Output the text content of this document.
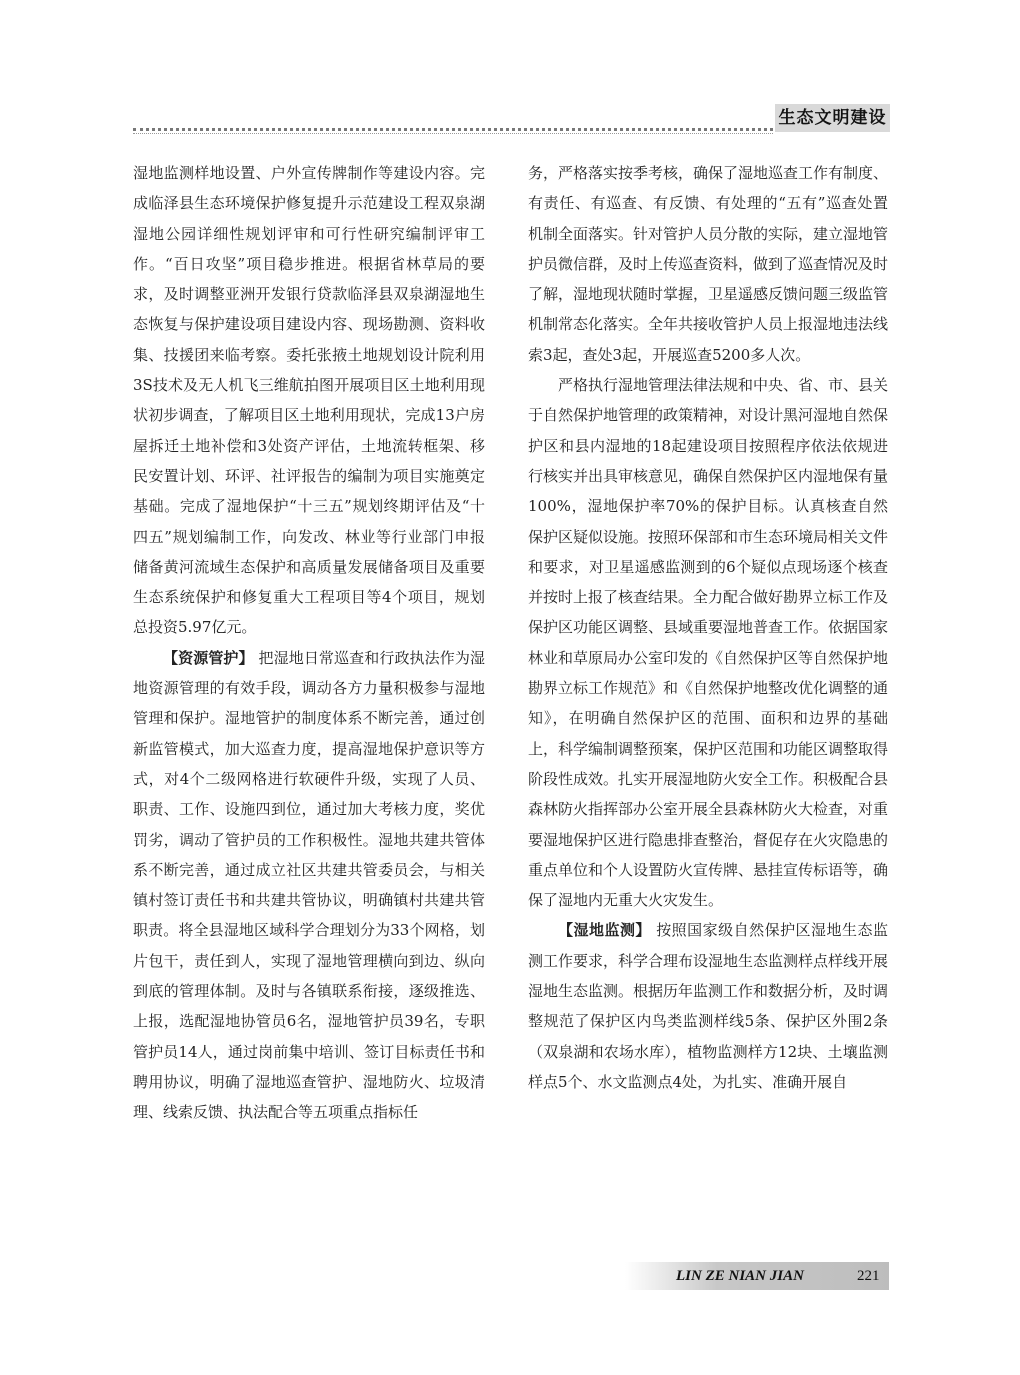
生态文明建设

湿地监测样地设置、户外宣传牌制作等建设内容。完成临泽县生态环境保护修复提升示范建设工程双泉湖湿地公园详细性规划评审和可行性研究编制评审工作。“百日攻坚”项目稳步推进。根据省林草局的要求，及时调整亚洲开发银行贷款临泽县双泉湖湿地生态恢复与保护建设项目建设内容、现场勘测、资料收集、技援团来临考察。委托张掖土地规划设计院利用3S技术及无人机飞三维航拍图开展项目区土地利用现状初步调查，了解项目区土地利用现状，完成13户房屋拆迁土地补偿和3处资产评估，土地流转框架、移民安置计划、环评、社评报告的编制为项目实施奠定基础。完成了湿地保护“十三五”规划终期评估及“十四五”规划编制工作，向发改、林业等行业部门申报储备黄河流域生态保护和高质量发展储备项目及重要生态系统保护和修复重大工程项目等4个项目，规划总投资5.97亿元。

【资源管护】 把湿地日常巡查和行政执法作为湿地资源管理的有效手段，调动各方力量积极参与湿地管理和保护。湿地管护的制度体系不断完善，通过创新监管模式，加大巡查力度，提高湿地保护意识等方式，对4个二级网格进行软硬件升级，实现了人员、职责、工作、设施四到位，通过加大考核力度，奖优罚劣，调动了管护员的工作积极性。湿地共建共管体系不断完善，通过成立社区共建共管委员会，与相关镇村签订责任书和共建共管协议，明确镇村共建共管职责。将全县湿地区域科学合理划分为33个网格，划片包干，责任到人，实现了湿地管理横向到边、纵向到底的管理体制。及时与各镇联系衔接，逐级推选、上报，选配湿地协管员6名，湿地管护员39名，专职管护员14人，通过岗前集中培训、签订目标责任书和聘用协议，明确了湿地巡查管护、湿地防火、垃圾清理、线索反馈、执法配合等五项重点指标任

务，严格落实按季考核，确保了湿地巡查工作有制度、有责任、有巡查、有反馈、有处理的“五有”巡查处置机制全面落实。针对管护人员分散的实际，建立湿地管护员微信群，及时上传巡查资料，做到了巡查情况及时了解，湿地现状随时掌握，卫星遥感反馈问题三级监管机制常态化落实。全年共接收管护人员上报湿地违法线索3起，查处3起，开展巡查5200多人次。

严格执行湿地管理法律法规和中央、省、市、县关于自然保护地管理的政策精神，对设计黑河湿地自然保护区和县内湿地的18起建设项目按照程序依法依规进行核实并出具审核意见，确保自然保护区内湿地保有量100%，湿地保护率70%的保护目标。认真核查自然保护区疑似设施。按照环保部和市生态环境局相关文件和要求，对卫星遥感监测到的6个疑似点现场逐个核查并按时上报了核查结果。全力配合做好勘界立标工作及保护区功能区调整、县域重要湿地普查工作。依据国家林业和草原局办公室印发的《自然保护区等自然保护地勘界立标工作规范》和《自然保护地整改优化调整的通知》，在明确自然保护区的范围、面积和边界的基础上，科学编制调整预案，保护区范围和功能区调整取得阶段性成效。扎实开展湿地防火安全工作。积极配合县森林防火指挥部办公室开展全县森林防火大检查，对重要湿地保护区进行隐患排查整治，督促存在火灾隐患的重点单位和个人设置防火宣传牌、悬挂宣传标语等，确保了湿地内无重大火灾发生。

【湿地监测】 按照国家级自然保护区湿地生态监测工作要求，科学合理布设湿地生态监测样点样线开展湿地生态监测。根据历年监测工作和数据分析，及时调整规范了保护区内鸟类监测样线5条、保护区外围2条（双泉湖和农场水库），植物监测样方12块、土壤监测样点5个、水文监测点4处，为扎实、准确开展自

LIN ZE NIAN JIAN	221
